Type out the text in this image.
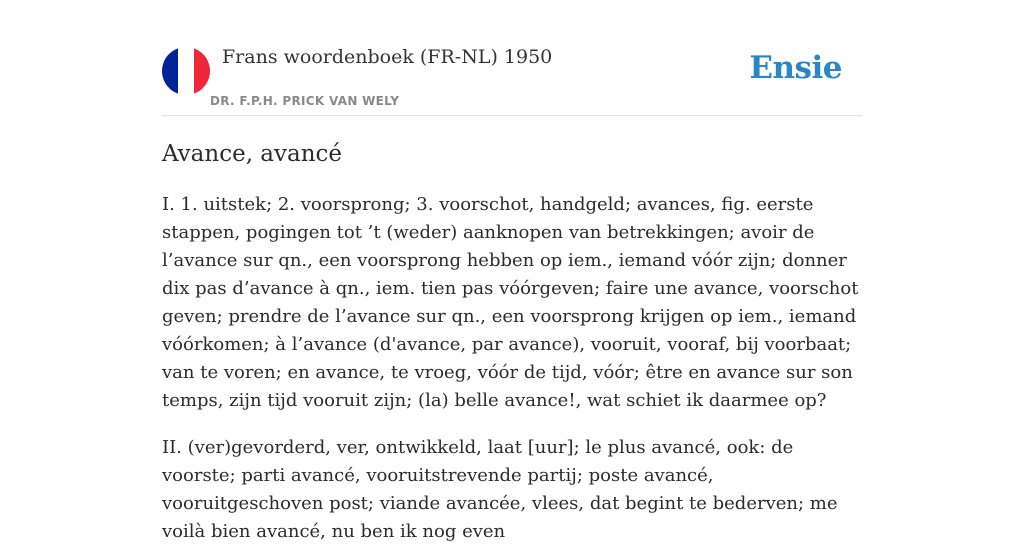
Frans woordenboek (FR-NL) 1950
DR. F.P.H. PRICK VAN WELY
Ensie
Avance, avancé

I. 1. uitstek; 2. voorsprong; 3. voorschot, handgeld; avances, fig. eerste stappen, pogingen tot ’t (weder) aanknopen van betrekkingen; avoir de l’avance sur qn., een voorsprong hebben op iem., iemand vóór zijn; donner dix pas d’avance à qn., iem. tien pas vóórgeven; faire une avance, voorschot geven; prendre de l’avance sur qn., een voorsprong krijgen op iem., iemand vóórkomen; à l’avance (d'avance, par avance), vooruit, vooraf, bij voorbaat; van te voren; en avance, te vroeg, vóór de tijd, vóór; être en avance sur son temps, zijn tijd vooruit zijn; (la) belle avance!, wat schiet ik daarmee op?

II. (ver)gevorderd, ver, ontwikkeld, laat [uur]; le plus avancé, ook: de voorste; parti avancé, vooruitstrevende partij; poste avancé, vooruitgeschoven post; viande avancée, vlees, dat begint te bederven; me voilà bien avancé, nu ben ik nog even
